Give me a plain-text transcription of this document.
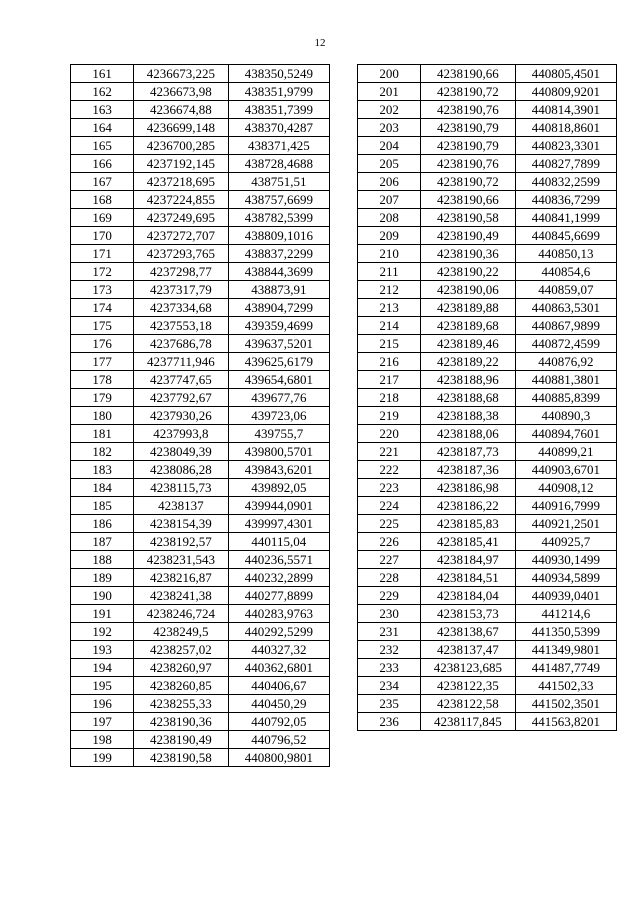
12
161	4236673,225	438350,5249
162	4236673,98	438351,9799
163	4236674,88	438351,7399
164	4236699,148	438370,4287
165	4236700,285	438371,425
166	4237192,145	438728,4688
167	4237218,695	438751,51
168	4237224,855	438757,6699
169	4237249,695	438782,5399
170	4237272,707	438809,1016
171	4237293,765	438837,2299
172	4237298,77	438844,3699
173	4237317,79	438873,91
174	4237334,68	438904,7299
175	4237553,18	439359,4699
176	4237686,78	439637,5201
177	4237711,946	439625,6179
178	4237747,65	439654,6801
179	4237792,67	439677,76
180	4237930,26	439723,06
181	4237993,8	439755,7
182	4238049,39	439800,5701
183	4238086,28	439843,6201
184	4238115,73	439892,05
185	4238137	439944,0901
186	4238154,39	439997,4301
187	4238192,57	440115,04
188	4238231,543	440236,5571
189	4238216,87	440232,2899
190	4238241,38	440277,8899
191	4238246,724	440283,9763
192	4238249,5	440292,5299
193	4238257,02	440327,32
194	4238260,97	440362,6801
195	4238260,85	440406,67
196	4238255,33	440450,29
197	4238190,36	440792,05
198	4238190,49	440796,52
199	4238190,58	440800,9801
200	4238190,66	440805,4501
201	4238190,72	440809,9201
202	4238190,76	440814,3901
203	4238190,79	440818,8601
204	4238190,79	440823,3301
205	4238190,76	440827,7899
206	4238190,72	440832,2599
207	4238190,66	440836,7299
208	4238190,58	440841,1999
209	4238190,49	440845,6699
210	4238190,36	440850,13
211	4238190,22	440854,6
212	4238190,06	440859,07
213	4238189,88	440863,5301
214	4238189,68	440867,9899
215	4238189,46	440872,4599
216	4238189,22	440876,92
217	4238188,96	440881,3801
218	4238188,68	440885,8399
219	4238188,38	440890,3
220	4238188,06	440894,7601
221	4238187,73	440899,21
222	4238187,36	440903,6701
223	4238186,98	440908,12
224	4238186,22	440916,7999
225	4238185,83	440921,2501
226	4238185,41	440925,7
227	4238184,97	440930,1499
228	4238184,51	440934,5899
229	4238184,04	440939,0401
230	4238153,73	441214,6
231	4238138,67	441350,5399
232	4238137,47	441349,9801
233	4238123,685	441487,7749
234	4238122,35	441502,33
235	4238122,58	441502,3501
236	4238117,845	441563,8201
